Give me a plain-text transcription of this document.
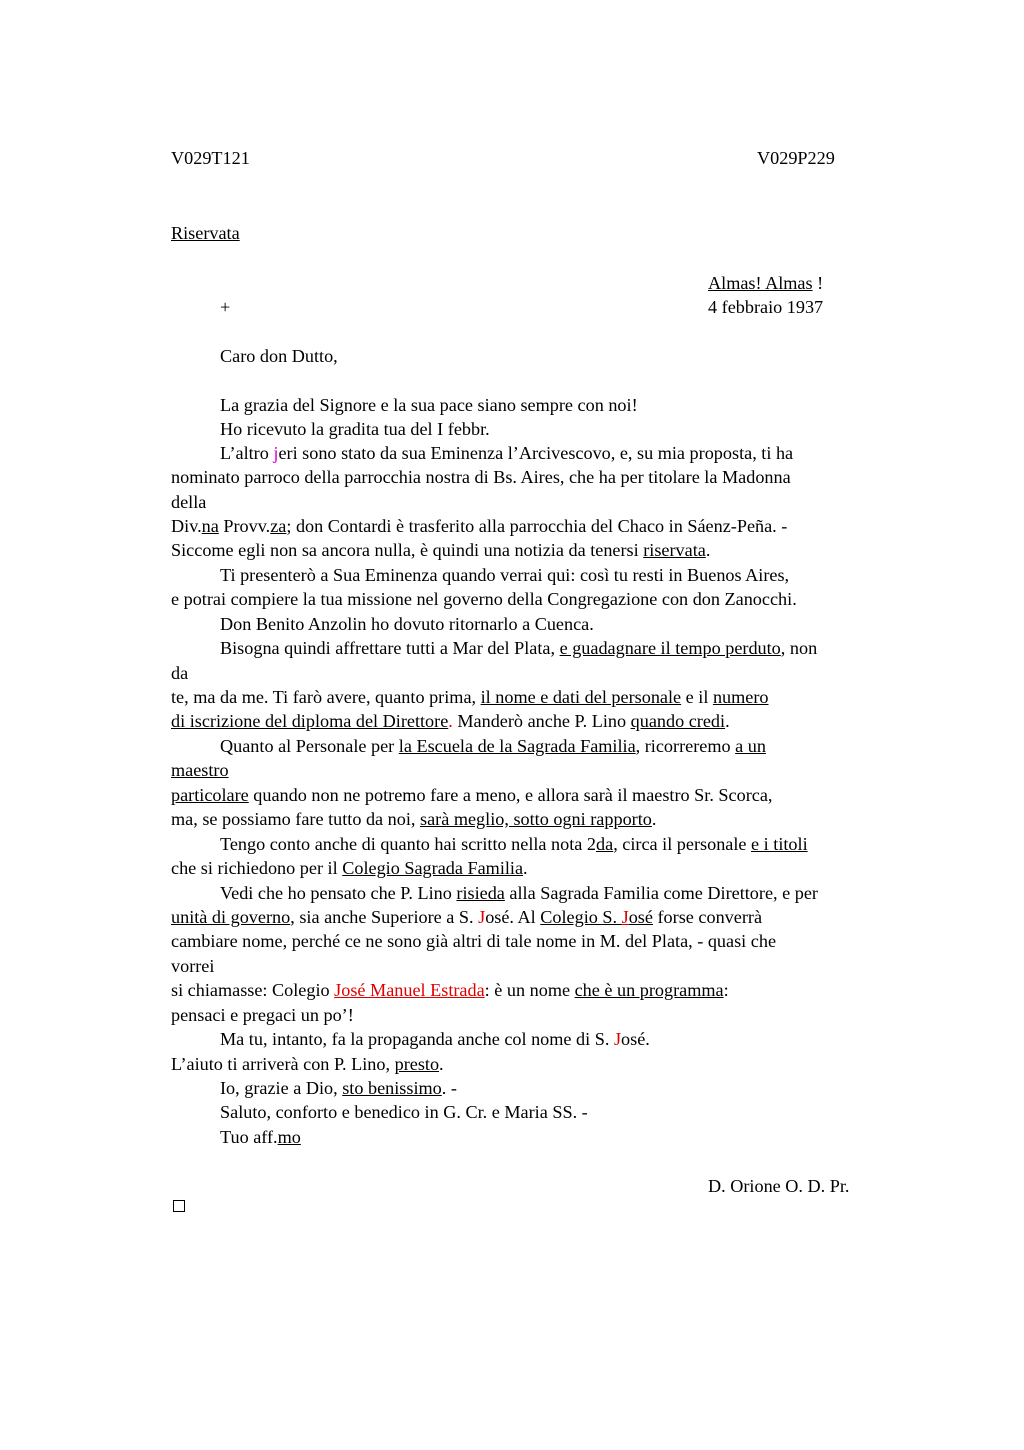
V029T121	V029P229
Riservata
Almas! Almas !
+	4 febbraio 1937
Caro don Dutto,
La grazia del Signore e la sua pace siano sempre con noi!
Ho ricevuto la gradita tua del I febbr.
L’altro jeri sono stato da sua Eminenza l’Arcivescovo, e, su mia proposta, ti ha
nominato parroco della parrocchia nostra di Bs. Aires, che ha per titolare la Madonna
della
Div.na Provv.za; don Contardi è trasferito alla parrocchia del Chaco in Sáenz-Peña. -
Siccome egli non sa ancora nulla, è quindi una notizia da tenersi riservata.
Ti presenterò a Sua Eminenza quando verrai qui: così tu resti in Buenos Aires,
e potrai compiere la tua missione nel governo della Congregazione con don Zanocchi.
Don Benito Anzolin ho dovuto ritornarlo a Cuenca.
Bisogna quindi affrettare tutti a Mar del Plata, e guadagnare il tempo perduto, non
da
te, ma da me. Ti farò avere, quanto prima, il nome e dati del personale e il numero
di iscrizione del diploma del Direttore. Manderò anche P. Lino quando credi.
Quanto al Personale per la Escuela de la Sagrada Familia, ricorreremo a un
maestro
particolare quando non ne potremo fare a meno, e allora sarà il maestro Sr. Scorca,
ma, se possiamo fare tutto da noi, sarà meglio, sotto ogni rapporto.
Tengo conto anche di quanto hai scritto nella nota 2da, circa il personale e i titoli
che si richiedono per il Colegio Sagrada Familia.
Vedi che ho pensato che P. Lino risieda alla Sagrada Familia come Direttore, e per
unità di governo, sia anche Superiore a S. José. Al Colegio S. José forse converrà
cambiare nome, perché ce ne sono già altri di tale nome in M. del Plata, - quasi che
vorrei
si chiamasse: Colegio José Manuel Estrada: è un nome che è un programma:
pensaci e pregaci un po’!
Ma tu, intanto, fa la propaganda anche col nome di S. José.
L’aiuto ti arriverà con P. Lino, presto.
Io, grazie a Dio, sto benissimo. -
Saluto, conforto e benedico in G. Cr. e Maria SS. -
Tuo aff.mo
D. Orione O. D. Pr.
